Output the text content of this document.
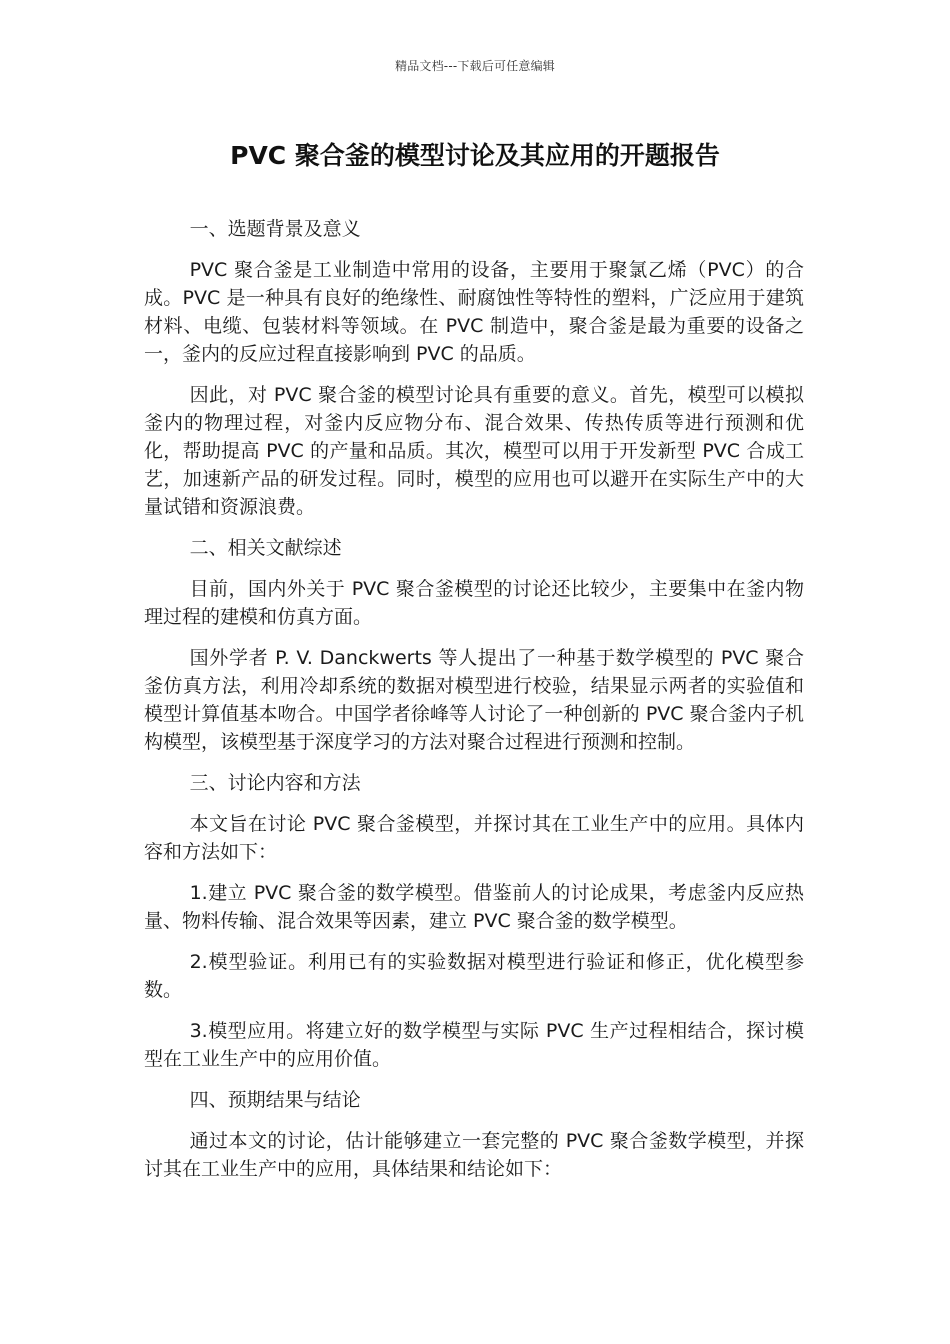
精品文档---下载后可任意编辑
PVC 聚合釜的模型讨论及其应用的开题报告

一、选题背景及意义

PVC 聚合釜是工业制造中常用的设备，主要用于聚氯乙烯（PVC）的合成。PVC 是一种具有良好的绝缘性、耐腐蚀性等特性的塑料，广泛应用于建筑材料、电缆、包装材料等领域。在 PVC 制造中，聚合釜是最为重要的设备之一，釜内的反应过程直接影响到 PVC 的品质。

因此，对 PVC 聚合釜的模型讨论具有重要的意义。首先，模型可以模拟釜内的物理过程，对釜内反应物分布、混合效果、传热传质等进行预测和优化，帮助提高 PVC 的产量和品质。其次，模型可以用于开发新型 PVC 合成工艺，加速新产品的研发过程。同时，模型的应用也可以避开在实际生产中的大量试错和资源浪费。

二、相关文献综述

目前，国内外关于 PVC 聚合釜模型的讨论还比较少，主要集中在釜内物理过程的建模和仿真方面。

国外学者 P. V. Danckwerts 等人提出了一种基于数学模型的 PVC 聚合釜仿真方法，利用冷却系统的数据对模型进行校验，结果显示两者的实验值和模型计算值基本吻合。中国学者徐峰等人讨论了一种创新的 PVC 聚合釜内子机构模型，该模型基于深度学习的方法对聚合过程进行预测和控制。

三、讨论内容和方法

本文旨在讨论 PVC 聚合釜模型，并探讨其在工业生产中的应用。具体内容和方法如下：

1.建立 PVC 聚合釜的数学模型。借鉴前人的讨论成果，考虑釜内反应热量、物料传输、混合效果等因素，建立 PVC 聚合釜的数学模型。

2.模型验证。利用已有的实验数据对模型进行验证和修正，优化模型参数。

3.模型应用。将建立好的数学模型与实际 PVC 生产过程相结合，探讨模型在工业生产中的应用价值。

四、预期结果与结论

通过本文的讨论，估计能够建立一套完整的 PVC 聚合釜数学模型，并探讨其在工业生产中的应用，具体结果和结论如下：
